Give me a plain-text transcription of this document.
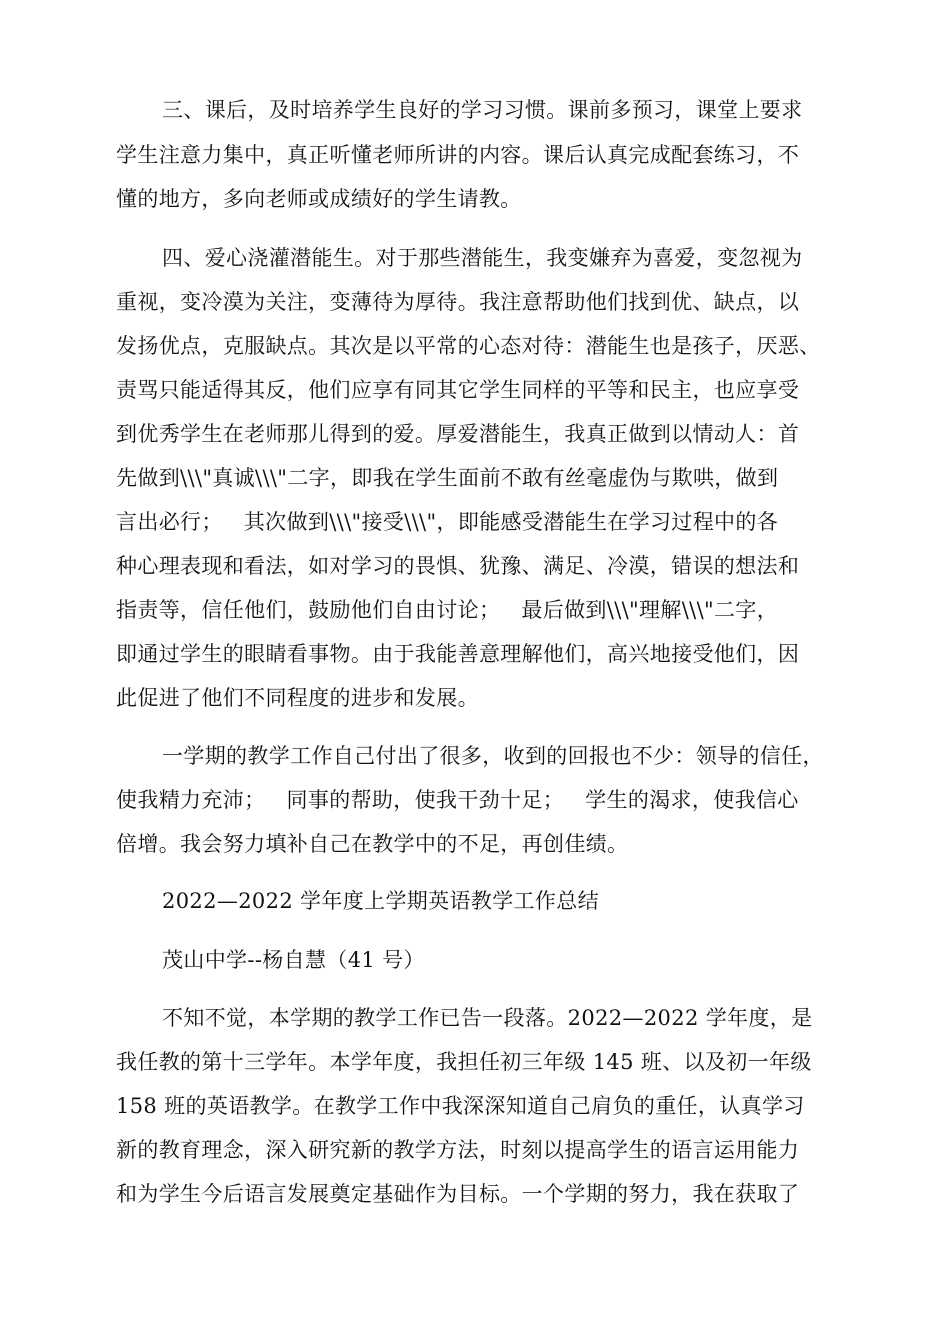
三、课后，及时培养学生良好的学习习惯。课前多预习，课堂上要求
学生注意力集中，真正听懂老师所讲的内容。课后认真完成配套练习，不
懂的地方，多向老师或成绩好的学生请教。
四、爱心浇灌潜能生。对于那些潜能生，我变嫌弃为喜爱，变忽视为
重视，变冷漠为关注，变薄待为厚待。我注意帮助他们找到优、缺点，以
发扬优点，克服缺点。其次是以平常的心态对待：潜能生也是孩子，厌恶、
责骂只能适得其反，他们应享有同其它学生同样的平等和民主，也应享受
到优秀学生在老师那儿得到的爱。厚爱潜能生，我真正做到以情动人：首
先做到\\\"真诚\\\"二字，即我在学生面前不敢有丝毫虚伪与欺哄，做到
言出必行；   其次做到\\\"接受\\\"，即能感受潜能生在学习过程中的各
种心理表现和看法，如对学习的畏惧、犹豫、满足、冷漠，错误的想法和
指责等，信任他们，鼓励他们自由讨论；   最后做到\\\"理解\\\"二字，
即通过学生的眼睛看事物。由于我能善意理解他们，高兴地接受他们，因
此促进了他们不同程度的进步和发展。
一学期的教学工作自己付出了很多，收到的回报也不少：领导的信任，
使我精力充沛；   同事的帮助，使我干劲十足；   学生的渴求，使我信心
倍增。我会努力填补自己在教学中的不足，再创佳绩。
2022—2022 学年度上学期英语教学工作总结
茂山中学--杨自慧（41 号）
不知不觉，本学期的教学工作已告一段落。2022—2022 学年度，是
我任教的第十三学年。本学年度，我担任初三年级 145 班、以及初一年级
158 班的英语教学。在教学工作中我深深知道自己肩负的重任，认真学习
新的教育理念，深入研究新的教学方法，时刻以提高学生的语言运用能力
和为学生今后语言发展奠定基础作为目标。一个学期的努力，我在获取了
